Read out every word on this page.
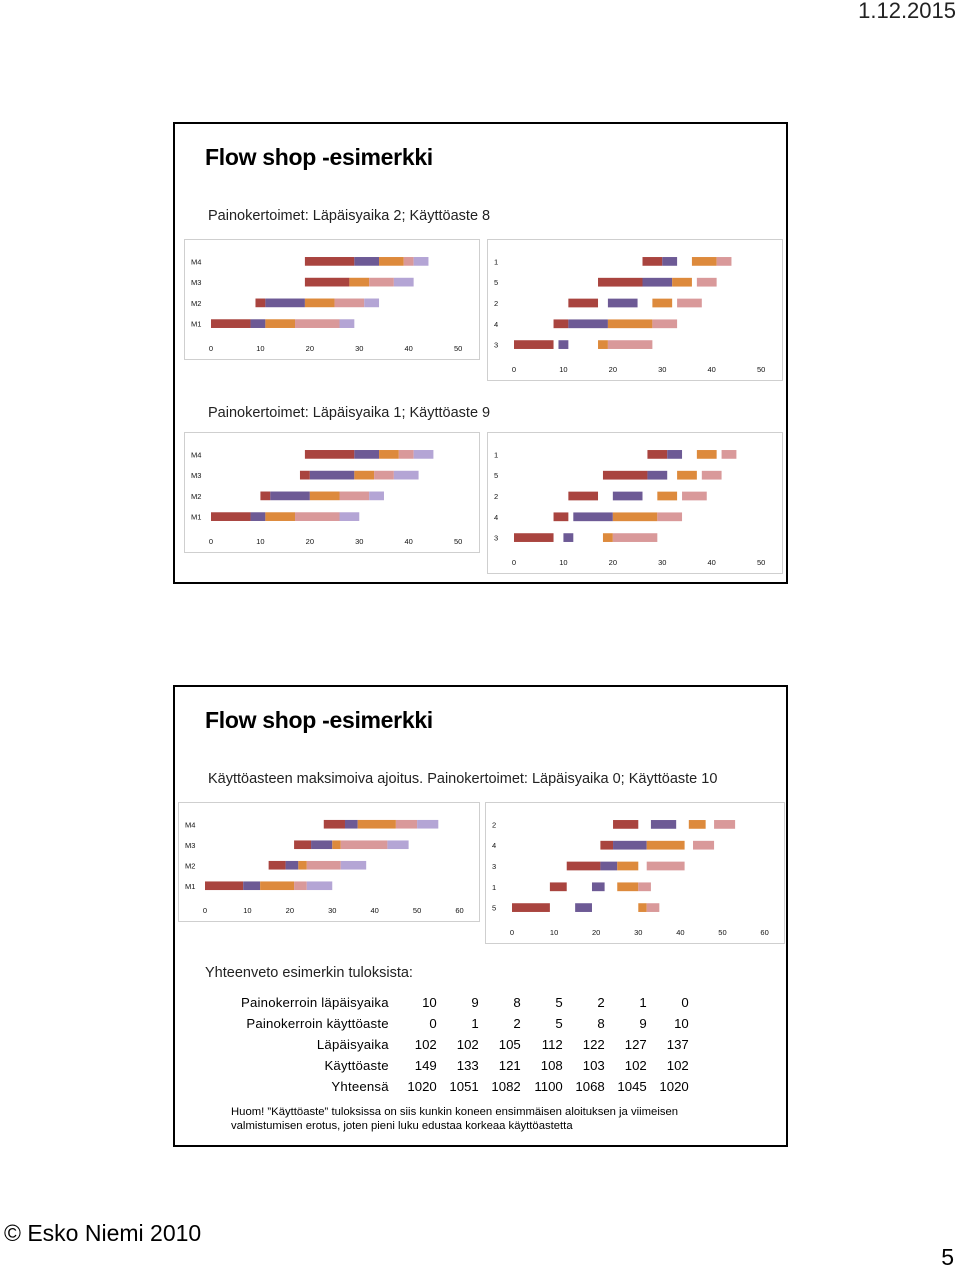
1.12.2015
Flow shop -esimerkki
Painokertoimet: Läpäisyaika 2; Käyttöaste 8
M4
M3
M2
M1
0	10	20	30	40	50
1
5
2
4
3
0	10	20	30	40	50
Painokertoimet: Läpäisyaika 1; Käyttöaste 9
M4
M3
M2
M1
0	10	20	30	40	50
1
5
2
4
3
0	10	20	30	40	50
Flow shop -esimerkki
Käyttöasteen maksimoiva ajoitus. Painokertoimet: Läpäisyaika 0; Käyttöaste 10
M4
M3
M2
M1
0	10	20	30	40	50	60
2
4
3
1
5
0	10	20	30	40	50	60
Yhteenveto esimerkin tuloksista:
Painokerroin läpäisyaika	10	9	8	5	2	1	0
Painokerroin käyttöaste	0	1	2	5	8	9	10
Läpäisyaika	102	102	105	112	122	127	137
Käyttöaste	149	133	121	108	103	102	102
Yhteensä	1020	1051	1082	1100	1068	1045	1020
Huom! ”Käyttöaste” tuloksissa on siis kunkin koneen ensimmäisen aloituksen ja viimeisen valmistumisen erotus, joten pieni luku edustaa korkeaa käyttöastetta
© Esko Niemi 2010
5
